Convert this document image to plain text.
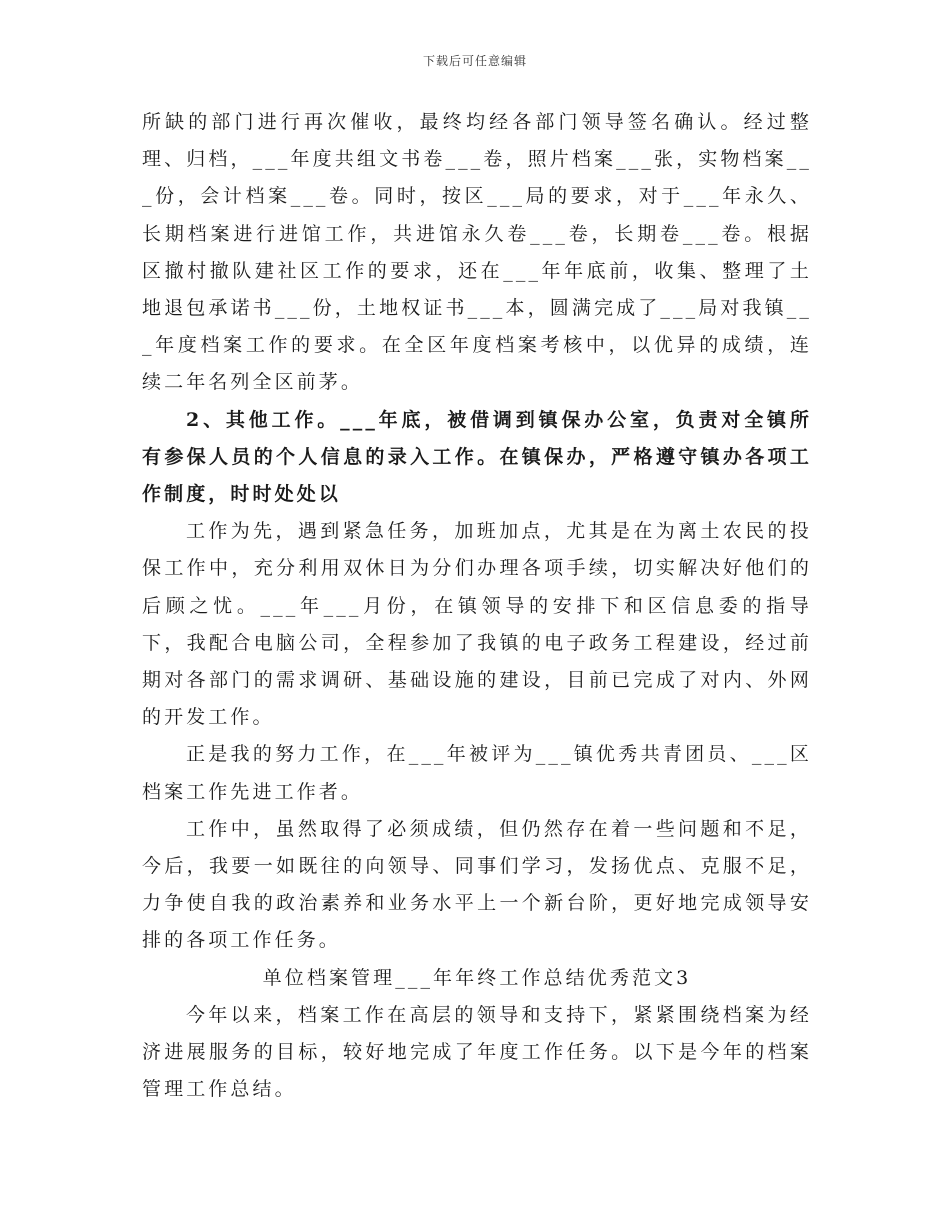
下载后可任意编辑

所缺的部门进行再次催收，最终均经各部门领导签名确认。经过整理、归档，___年度共组文书卷___卷，照片档案___张，实物档案___份，会计档案___卷。同时，按区___局的要求，对于___年永久、长期档案进行进馆工作，共进馆永久卷___卷，长期卷___卷。根据区撤村撤队建社区工作的要求，还在___年年底前，收集、整理了土地退包承诺书___份，土地权证书___本，圆满完成了___局对我镇___年度档案工作的要求。在全区年度档案考核中，以优异的成绩，连续二年名列全区前茅。

2、其他工作。___年底，被借调到镇保办公室，负责对全镇所有参保人员的个人信息的录入工作。在镇保办，严格遵守镇办各项工作制度，时时处处以

工作为先，遇到紧急任务，加班加点，尤其是在为离土农民的投保工作中，充分利用双休日为分们办理各项手续，切实解决好他们的后顾之忧。___年___月份，在镇领导的安排下和区信息委的指导下，我配合电脑公司，全程参加了我镇的电子政务工程建设，经过前期对各部门的需求调研、基础设施的建设，目前已完成了对内、外网的开发工作。

正是我的努力工作，在___年被评为___镇优秀共青团员、___区档案工作先进工作者。

工作中，虽然取得了必须成绩，但仍然存在着一些问题和不足，今后，我要一如既往的向领导、同事们学习，发扬优点、克服不足，力争使自我的政治素养和业务水平上一个新台阶，更好地完成领导安排的各项工作任务。

单位档案管理___年年终工作总结优秀范文3

今年以来，档案工作在高层的领导和支持下，紧紧围绕档案为经济进展服务的目标，较好地完成了年度工作任务。以下是今年的档案管理工作总结。
